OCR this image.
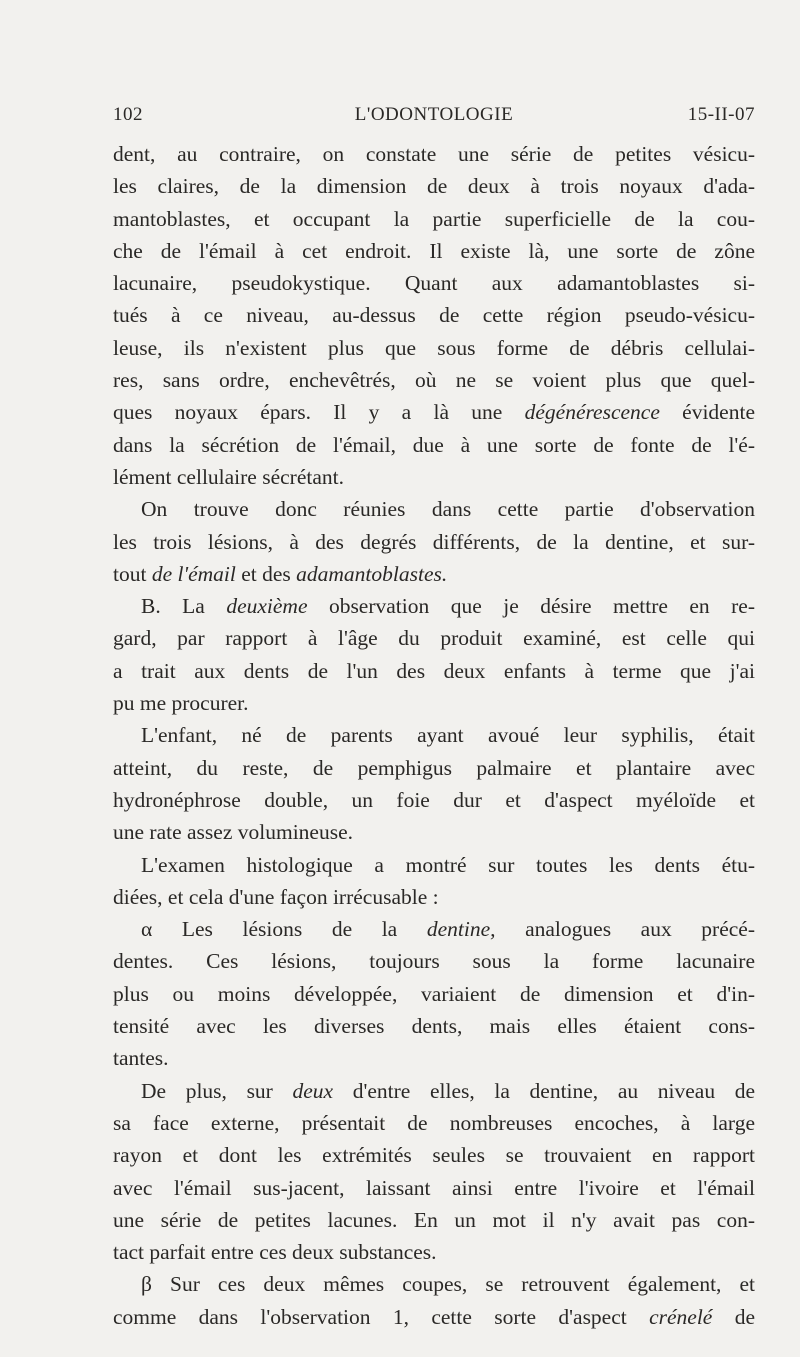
102	L'ODONTOLOGIE	15-II-07
dent, au contraire, on constate une série de petites vésicu-
les claires, de la dimension de deux à trois noyaux d'ada-
mantoblastes, et occupant la partie superficielle de la cou-
che de l'émail à cet endroit. Il existe là, une sorte de zône
lacunaire, pseudokystique. Quant aux adamantoblastes si-
tués à ce niveau, au-dessus de cette région pseudo-vésicu-
leuse, ils n'existent plus que sous forme de débris cellulai-
res, sans ordre, enchevêtrés, où ne se voient plus que quel-
ques noyaux épars. Il y a là une dégénérescence évidente
dans la sécrétion de l'émail, due à une sorte de fonte de l'é-
lément cellulaire sécrétant.
On trouve donc réunies dans cette partie d'observation
les trois lésions, à des degrés différents, de la dentine, et sur-
tout de l'émail et des adamantoblastes.
B. La deuxième observation que je désire mettre en re-
gard, par rapport à l'âge du produit examiné, est celle qui
a trait aux dents de l'un des deux enfants à terme que j'ai
pu me procurer.
L'enfant, né de parents ayant avoué leur syphilis, était
atteint, du reste, de pemphigus palmaire et plantaire avec
hydronéphrose double, un foie dur et d'aspect myéloïde et
une rate assez volumineuse.
L'examen histologique a montré sur toutes les dents étu-
diées, et cela d'une façon irrécusable :
α Les lésions de la dentine, analogues aux précé-
dentes. Ces lésions, toujours sous la forme lacunaire
plus ou moins développée, variaient de dimension et d'in-
tensité avec les diverses dents, mais elles étaient cons-
tantes.
De plus, sur deux d'entre elles, la dentine, au niveau de
sa face externe, présentait de nombreuses encoches, à large
rayon et dont les extrémités seules se trouvaient en rapport
avec l'émail sus-jacent, laissant ainsi entre l'ivoire et l'émail
une série de petites lacunes. En un mot il n'y avait pas con-
tact parfait entre ces deux substances.
β Sur ces deux mêmes coupes, se retrouvent également, et
comme dans l'observation 1, cette sorte d'aspect crénelé de
